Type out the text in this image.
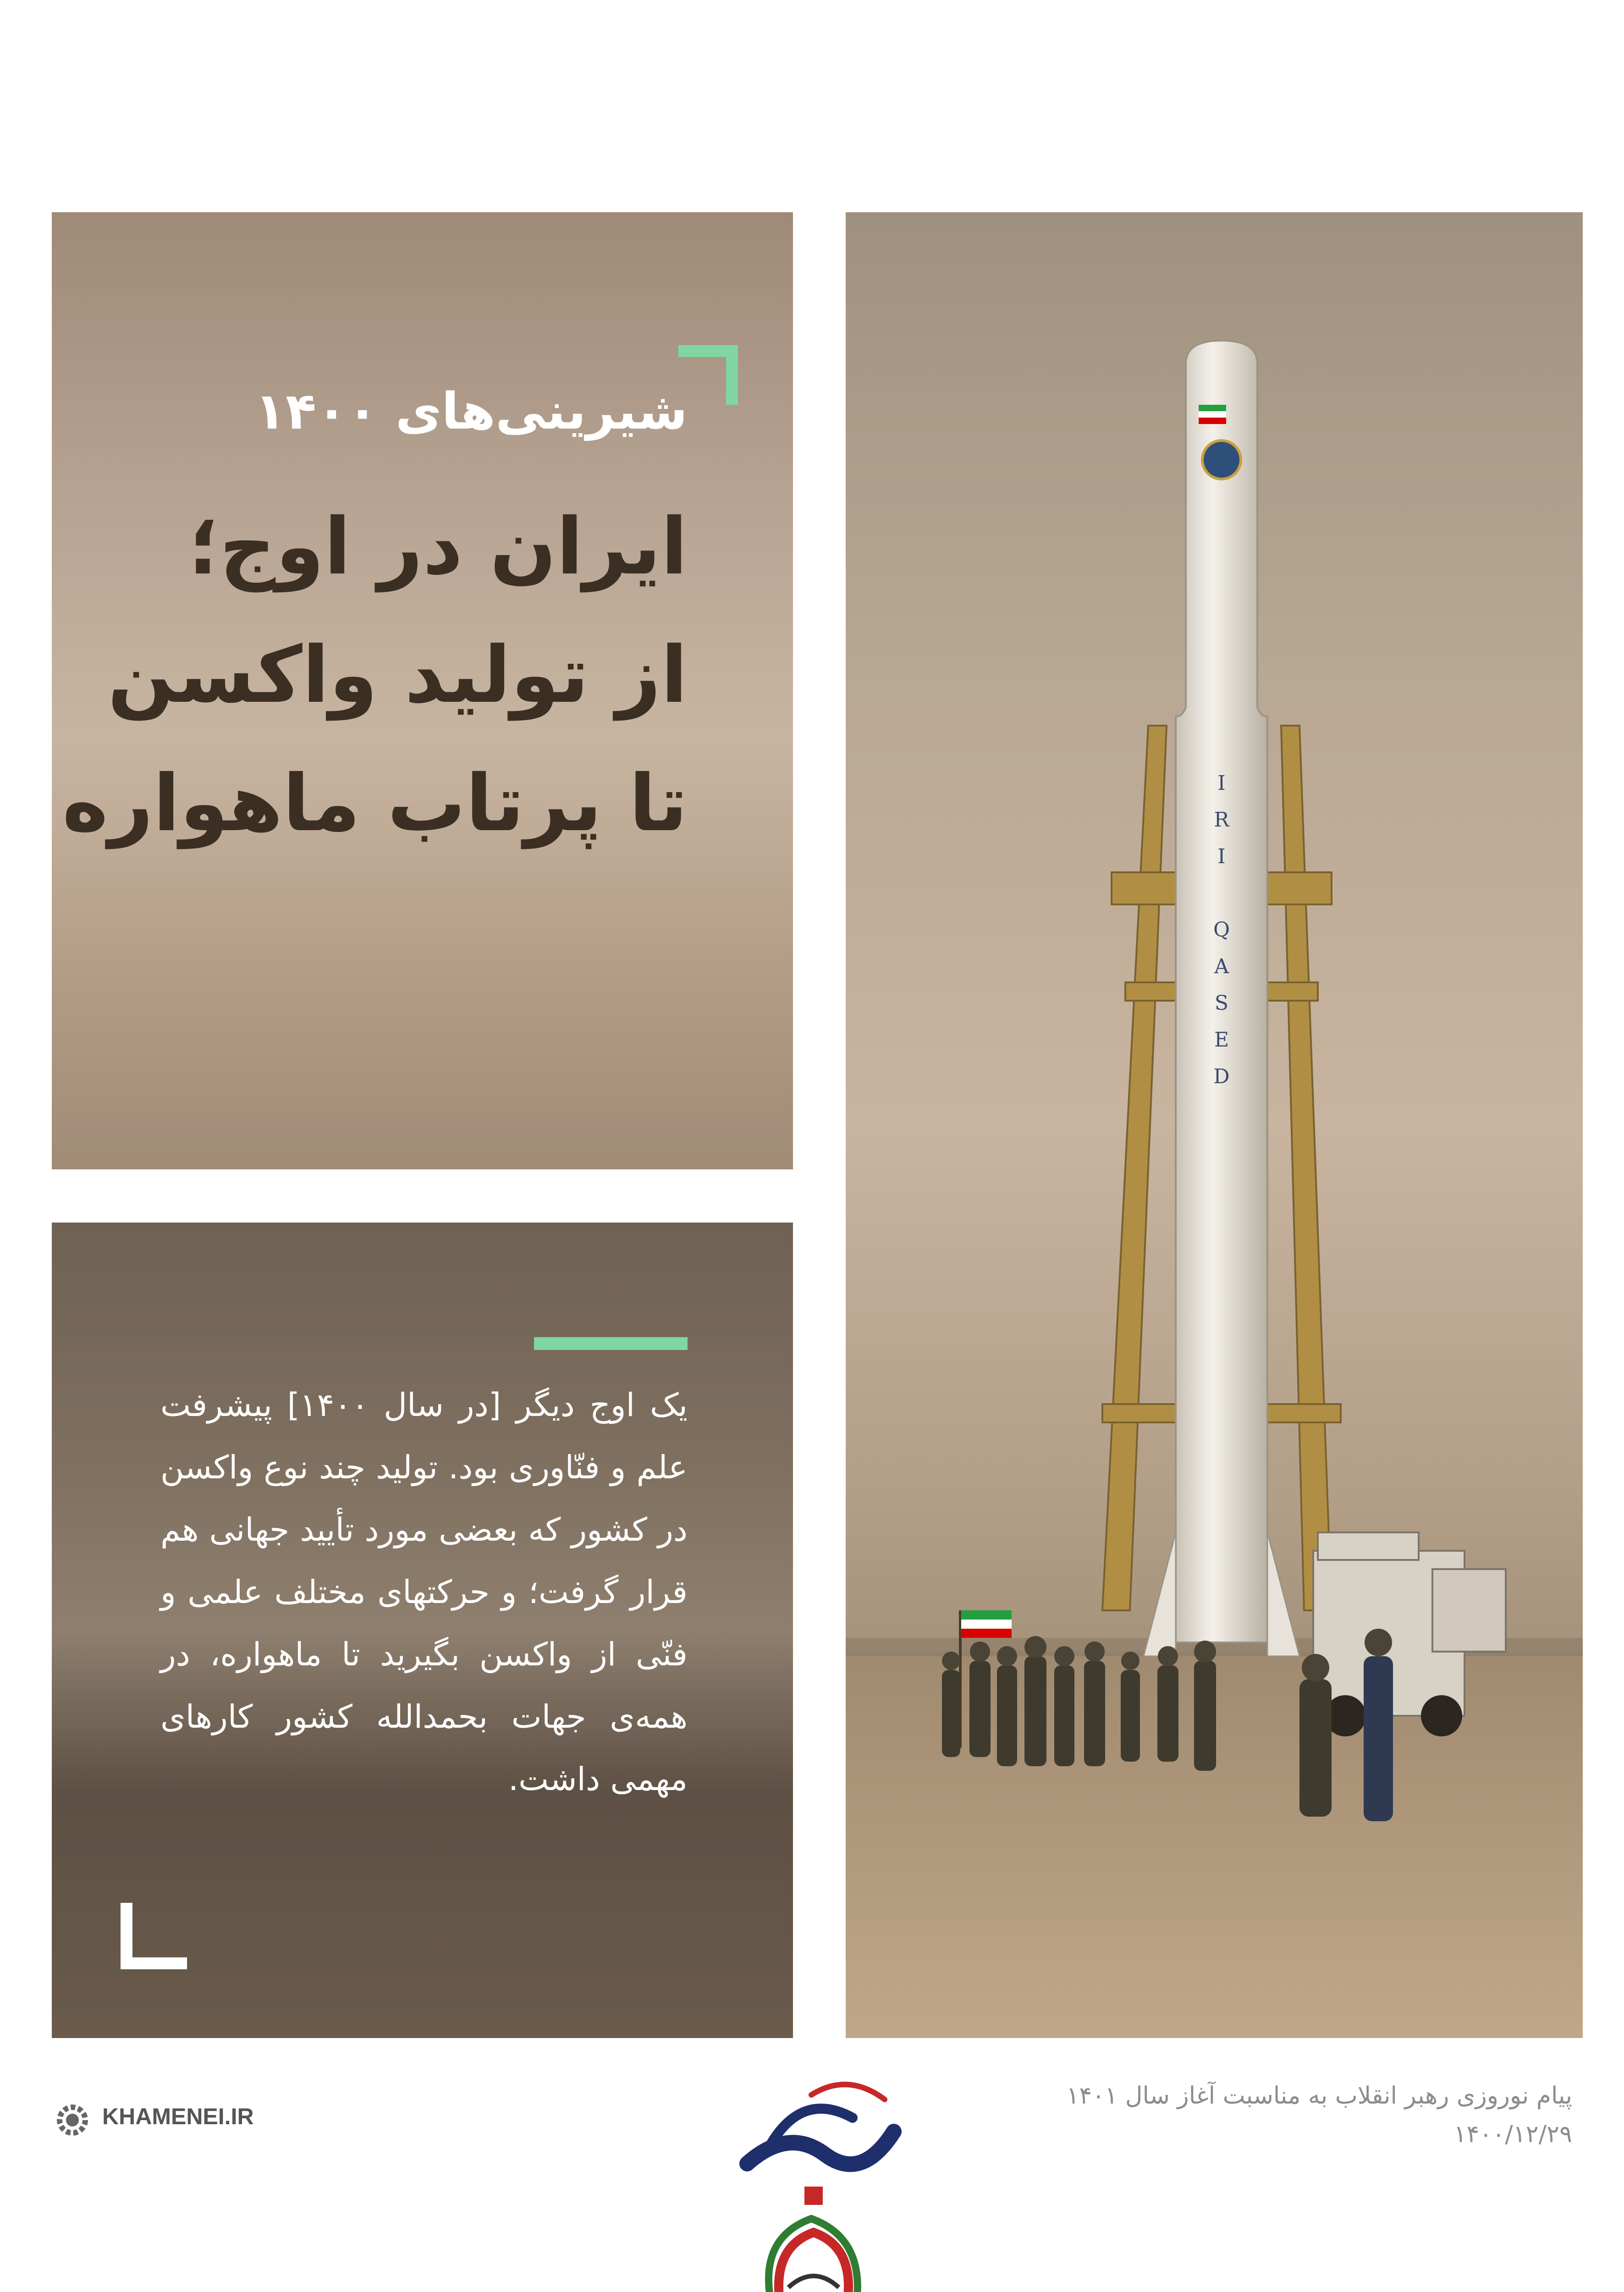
شیرینی‌های ۱۴۰۰
ایران در اوج؛
از تولید واکسن
تا پرتاب ماهواره
یک اوج دیگر [در سال ۱۴۰۰] پیشرفت علم و فنّاوری بود. تولید چند نوع واکسن در کشور که بعضی مورد تأیید جهانی هم قرار گرفت؛ و حرکتهای مختلف علمی و فنّی از واکسن بگیرید تا ماهواره، در همه‌ی جهات بحمدالله کشور کارهای مهمی داشت.
I
R
I
Q
A
S
E
D
پیام نوروزی رهبر انقلاب به مناسبت آغاز سال ۱۴۰۱
۱۴۰۰/۱۲/۲۹
KHAMENEI.IR
